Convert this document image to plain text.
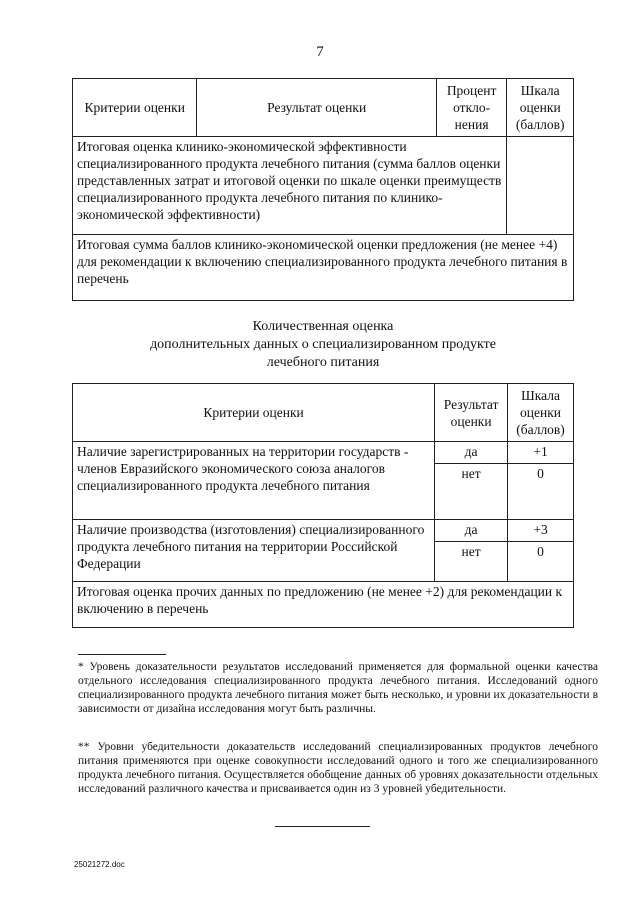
7
Критерии оценки	Результат оценки	Процент откло-нения	Шкала оценки (баллов)
Итоговая оценка клинико-экономической эффективности специализированного продукта лечебного питания (сумма баллов оценки представленных затрат и итоговой оценки по шкале оценки преимуществ специализированного продукта лечебного питания по клинико-экономической эффективности)			
Итоговая сумма баллов клинико-экономической оценки предложения (не менее +4) для рекомендации к включению специализированного продукта лечебного питания в перечень			
Количественная оценка
дополнительных данных о специализированном продукте
лечебного питания
Критерии оценки	Результат оценки	Шкала оценки (баллов)
Наличие зарегистрированных на территории государств - членов Евразийского экономического союза аналогов специализированного продукта лечебного питания	да	+1
	нет	0
Наличие производства (изготовления) специализированного продукта лечебного питания на территории Российской Федерации	да	+3
	нет	0
Итоговая оценка прочих данных по предложению (не менее +2) для рекомендации к включению в перечень		
* Уровень доказательности результатов исследований применяется для формальной оценки качества отдельного исследования специализированного продукта лечебного питания. Исследований одного специализированного продукта лечебного питания может быть несколько, и уровни их доказательности в зависимости от дизайна исследования могут быть различны.
** Уровни убедительности доказательств исследований специализированных продуктов лечебного питания применяются при оценке совокупности исследований одного и того же специализированного продукта лечебного питания. Осуществляется обобщение данных об уровнях доказательности отдельных исследований различного качества и присваивается один из 3 уровней убедительности.
25021272.doc
